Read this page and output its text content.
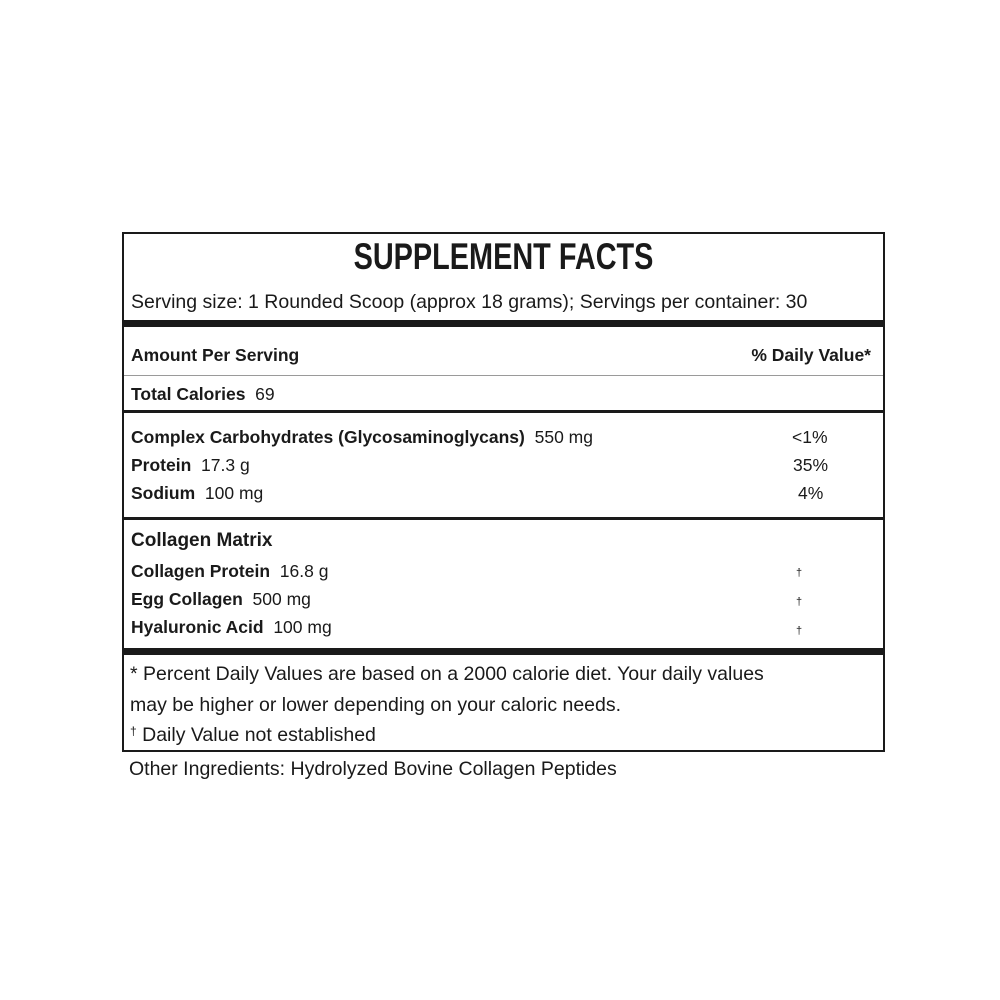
SUPPLEMENT FACTS
Serving size: 1 Rounded Scoop (approx 18 grams); Servings per container: 30
Amount Per Serving	% Daily Value*
Total Calories 69
Complex Carbohydrates (Glycosaminoglycans) 550 mg	<1%
Protein 17.3 g	35%
Sodium 100 mg	4%
Collagen Matrix
Collagen Protein 16.8 g	†
Egg Collagen 500 mg	†
Hyaluronic Acid 100 mg	†
* Percent Daily Values are based on a 2000 calorie diet. Your daily values
may be higher or lower depending on your caloric needs.
† Daily Value not established
Other Ingredients: Hydrolyzed Bovine Collagen Peptides
